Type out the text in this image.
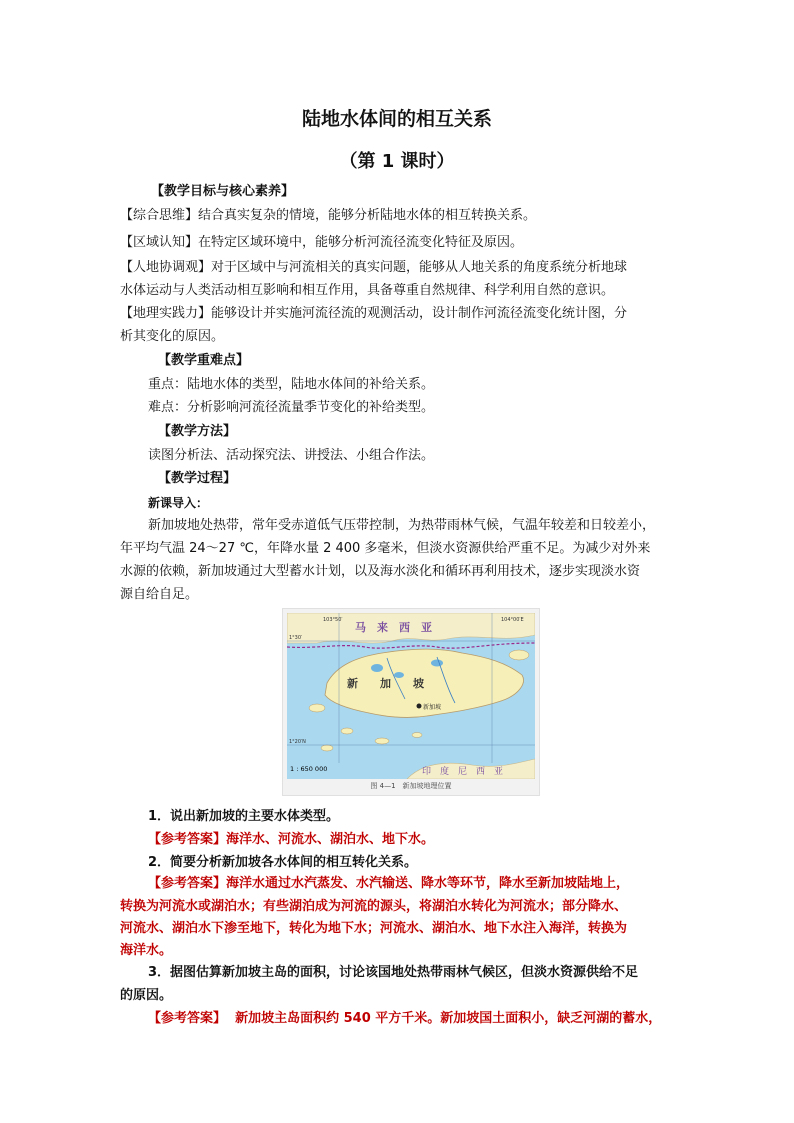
陆地水体间的相互关系
（第 1 课时）
【教学目标与核心素养】
【综合思维】结合真实复杂的情境，能够分析陆地水体的相互转换关系。
【区域认知】在特定区域环境中，能够分析河流径流变化特征及原因。
【人地协调观】对于区域中与河流相关的真实问题，能够从人地关系的角度系统分析地球
水体运动与人类活动相互影响和相互作用，具备尊重自然规律、科学利用自然的意识。
【地理实践力】能够设计并实施河流径流的观测活动，设计制作河流径流变化统计图，分
析其变化的原因。
【教学重难点】
重点：陆地水体的类型，陆地水体间的补给关系。
难点：分析影响河流径流量季节变化的补给类型。
【教学方法】
读图分析法、活动探究法、讲授法、小组合作法。
【教学过程】
新课导入：
新加坡地处热带，常年受赤道低气压带控制，为热带雨林气候，气温年较差和日较差小，
年平均气温 24～27 ℃，年降水量 2 400 多毫米，但淡水资源供给严重不足。为减少对外来
水源的依赖，新加坡通过大型蓄水计划，以及海水淡化和循环再利用技术，逐步实现淡水资
源自给自足。
马　来　西　亚
新　　加　　坡
新加坡
印　度　尼　西　亚
1 : 650 000
103°50′	104°00′E
1°30′
1°20′N
图 4—1　新加坡地理位置
1．说出新加坡的主要水体类型。
【参考答案】海洋水、河流水、湖泊水、地下水。
2．简要分析新加坡各水体间的相互转化关系。
【参考答案】海洋水通过水汽蒸发、水汽输送、降水等环节，降水至新加坡陆地上，
转换为河流水或湖泊水；有些湖泊成为河流的源头，将湖泊水转化为河流水；部分降水、
河流水、湖泊水下渗至地下，转化为地下水；河流水、湖泊水、地下水注入海洋，转换为
海洋水。
3．据图估算新加坡主岛的面积，讨论该国地处热带雨林气候区，但淡水资源供给不足
的原因。
【参考答案】 新加坡主岛面积约 540 平方千米。新加坡国土面积小，缺乏河湖的蓄水，
